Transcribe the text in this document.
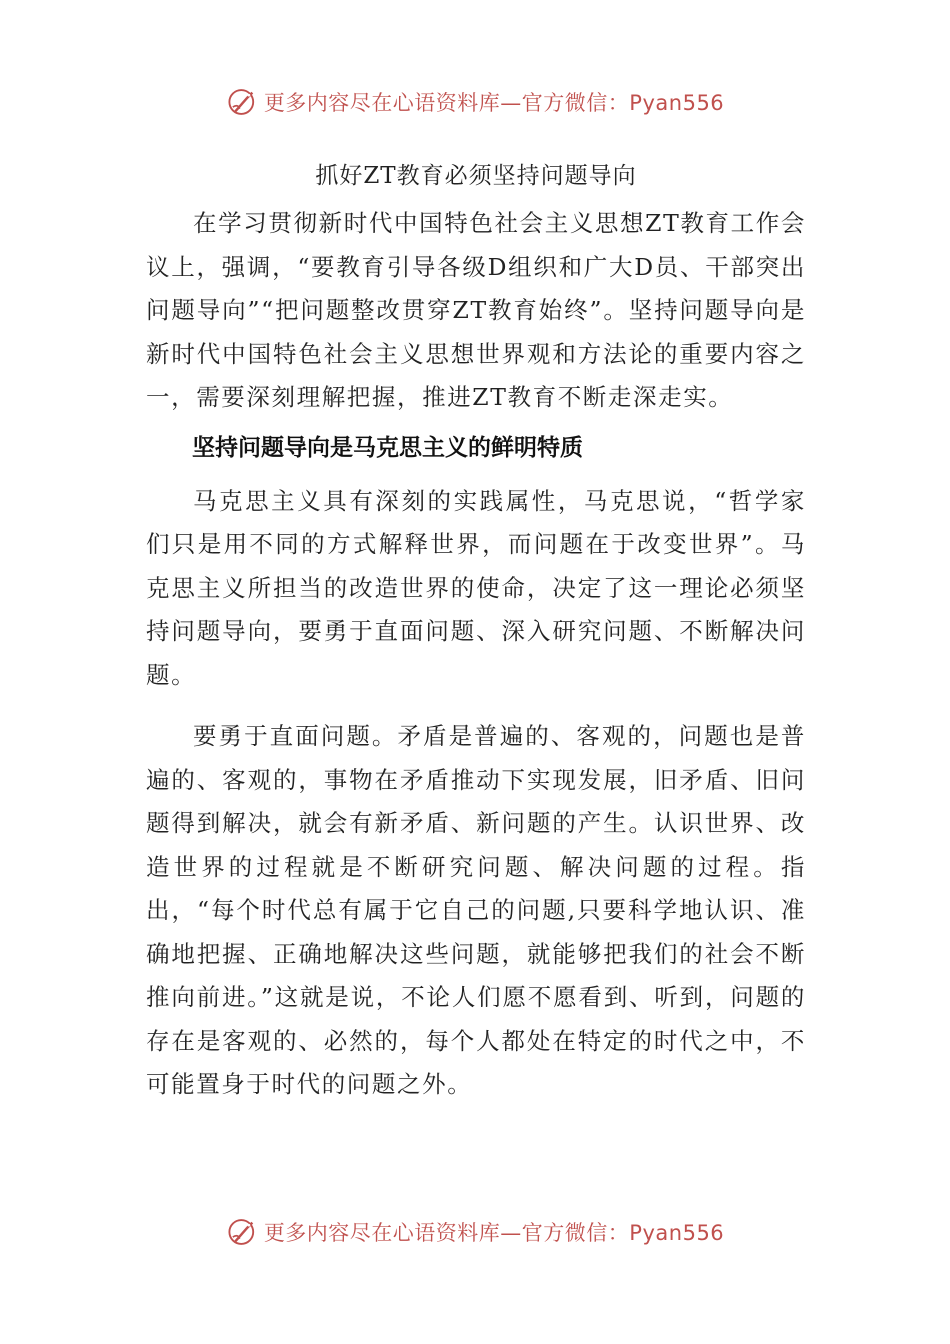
更多内容尽在心语资料库—官方微信：Pyan556
抓好ZT教育必须坚持问题导向

在学习贯彻新时代中国特色社会主义思想ZT教育工作会议上，强调，“要教育引导各级D组织和广大D员、干部突出问题导向”“把问题整改贯穿ZT教育始终”。坚持问题导向是新时代中国特色社会主义思想世界观和方法论的重要内容之一，需要深刻理解把握，推进ZT教育不断走深走实。

坚持问题导向是马克思主义的鲜明特质

马克思主义具有深刻的实践属性，马克思说，“哲学家们只是用不同的方式解释世界，而问题在于改变世界”。马克思主义所担当的改造世界的使命，决定了这一理论必须坚持问题导向，要勇于直面问题、深入研究问题、不断解决问题。

要勇于直面问题。矛盾是普遍的、客观的，问题也是普遍的、客观的，事物在矛盾推动下实现发展，旧矛盾、旧问题得到解决，就会有新矛盾、新问题的产生。认识世界、改造世界的过程就是不断研究问题、解决问题的过程。指出，“每个时代总有属于它自己的问题,只要科学地认识、准确地把握、正确地解决这些问题，就能够把我们的社会不断推向前进。”这就是说，不论人们愿不愿看到、听到，问题的存在是客观的、必然的，每个人都处在特定的时代之中，不可能置身于时代的问题之外。

更多内容尽在心语资料库—官方微信：Pyan556
